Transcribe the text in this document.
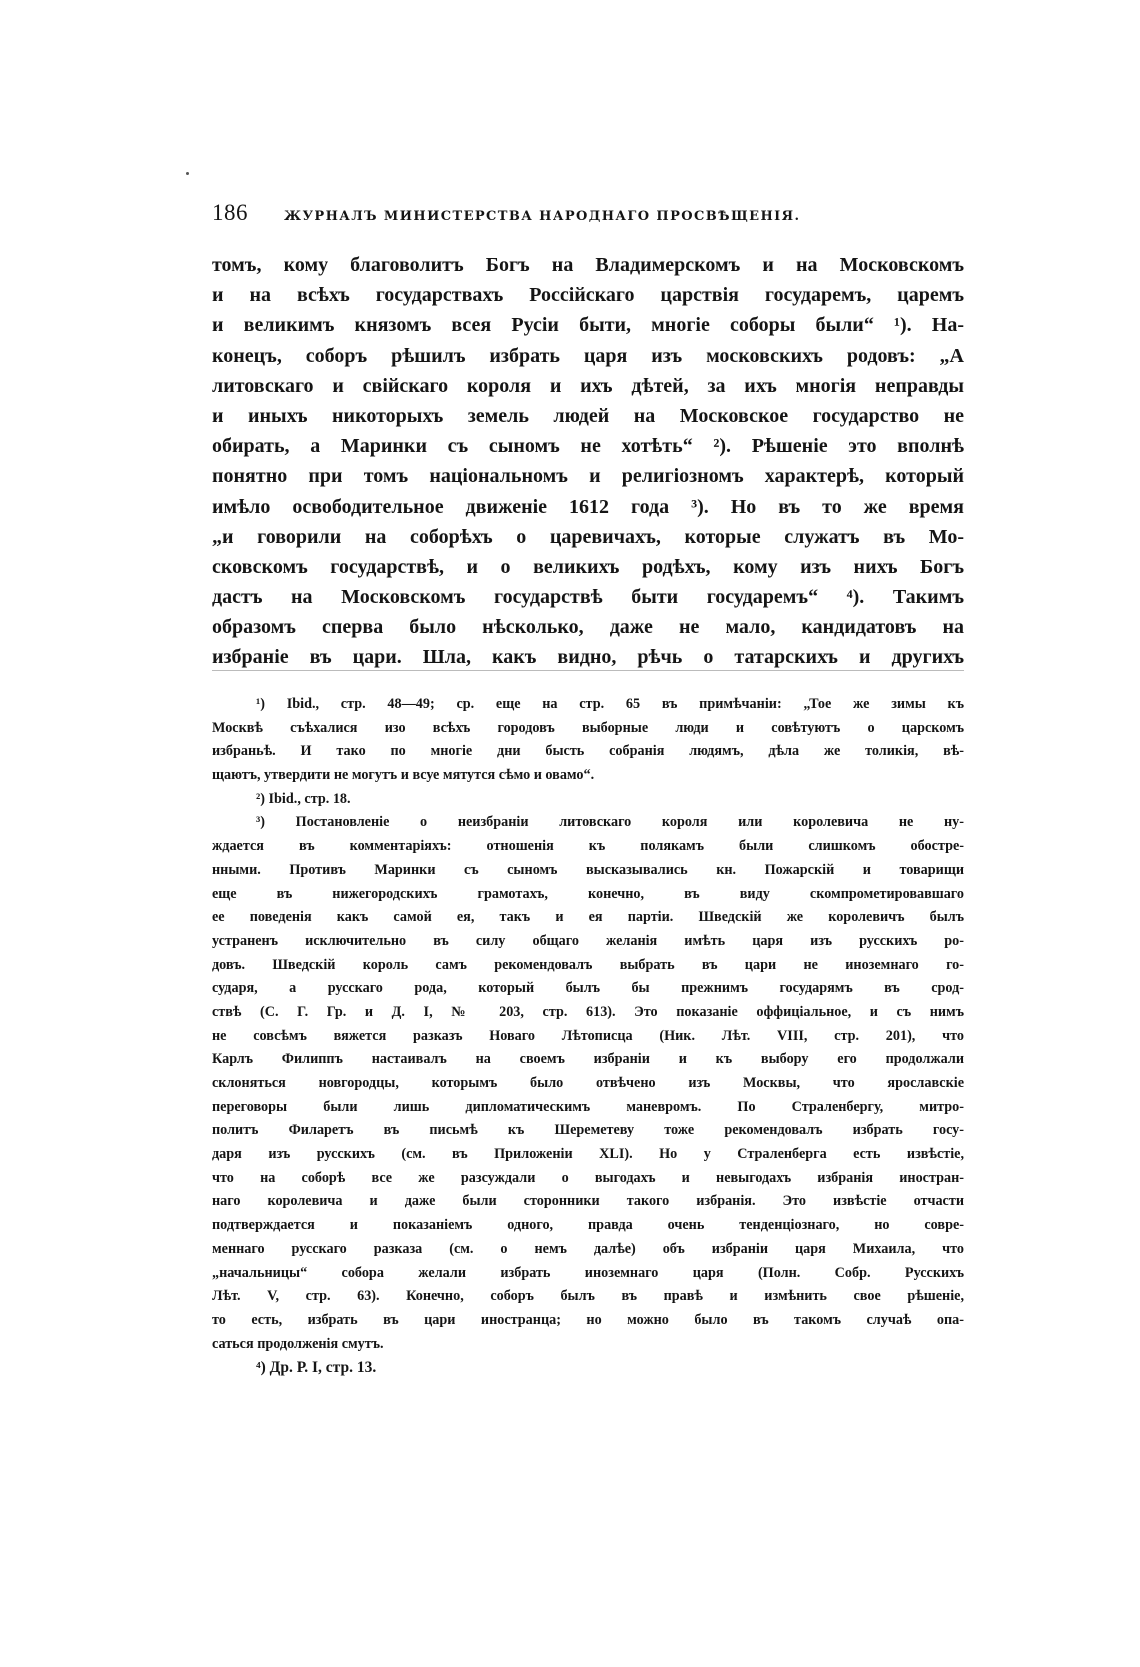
186	ЖУРНАЛЪ МИНИСТЕРСТВА НАРОДНАГО ПРОСВѢЩЕНІЯ.
томъ, кому благоволитъ Богъ на Владимерскомъ и на Московскомъ
и на всѣхъ государствахъ Россійскаго царствія государемъ, царемъ
и великимъ князомъ всея Русіи быти, многіе соборы были“ ¹). На-
конецъ, соборъ рѣшилъ избрать царя изъ московскихъ родовъ: „А
литовскаго и свійскаго короля и ихъ дѣтей, за ихъ многія неправды
и иныхъ никоторыхъ земель людей на Московское государство не
обирать, а Маринки съ сыномъ не хотѣть“ ²). Рѣшеніе это вполнѣ
понятно при томъ національномъ и религіозномъ характерѣ, который
имѣло освободительное движеніе 1612 года ³). Но въ то же время
„и говорили на соборѣхъ о царевичахъ, которые служатъ въ Мо-
сковскомъ государствѣ, и о великихъ родѣхъ, кому изъ нихъ Богъ
дастъ на Московскомъ государствѣ быти государемъ“ ⁴). Такимъ
образомъ сперва было нѣсколько, даже не мало, кандидатовъ на
избраніе въ цари. Шла, какъ видно, рѣчь о татарскихъ и другихъ
¹) Ibid., стр. 48—49; ср. еще на стр. 65 въ примѣчаніи: „Тое же зимы къ
Москвѣ съѣхалися изо всѣхъ городовъ выборные люди и совѣтуютъ о царскомъ
избраньѣ. И тако по многіе дни бысть собранія людямъ, дѣла же толикія, вѣ-
щаютъ, утвердити не могутъ и всуе мятутся сѣмо и овамо“.
²) Ibid., стр. 18.
³) Постановленіе о неизбраніи литовскаго короля или королевича не ну-
ждается въ комментаріяхъ: отношенія къ полякамъ были слишкомъ обостре-
нными. Противъ Маринки съ сыномъ высказывались кн. Пожарскій и товарищи
еще въ нижегородскихъ грамотахъ, конечно, въ виду скомпрометировавшаго
ее поведенія какъ самой ея, такъ и ея партіи. Шведскій же королевичъ былъ
устраненъ исключительно въ силу общаго желанія имѣть царя изъ русскихъ ро-
довъ. Шведскій король самъ рекомендовалъ выбрать въ цари не иноземнаго го-
сударя, а русскаго рода, который былъ бы прежнимъ государямъ въ срод-
ствѣ (С. Г. Гр. и Д. I, № 203, стр. 613). Это показаніе оффиціальное, и съ нимъ
не совсѣмъ вяжется разказъ Новаго Лѣтописца (Ник. Лѣт. VIII, стр. 201), что
Карлъ Филиппъ настаивалъ на своемъ избраніи и къ выбору его продолжали
склоняться новгородцы, которымъ было отвѣчено изъ Москвы, что ярославскіе
переговоры были лишь дипломатическимъ маневромъ. По Страленбергу, митро-
политъ Филаретъ въ письмѣ къ Шереметеву тоже рекомендовалъ избрать госу-
даря изъ русскихъ (см. въ Приложеніи XLI). Но у Страленберга есть извѣстіе,
что на соборѣ все же разсуждали о выгодахъ и невыгодахъ избранія иностран-
наго королевича и даже были сторонники такого избранія. Это извѣстіе отчасти
подтверждается и показаніемъ одного, правда очень тенденціознаго, но совре-
меннаго русскаго разказа (см. о немъ далѣе) объ избраніи царя Михаила, что
„начальницы“ собора желали избрать иноземнаго царя (Полн. Собр. Русскихъ
Лѣт. V, стр. 63). Конечно, соборъ былъ въ правѣ и измѣнить свое рѣшеніе,
то есть, избрать въ цари иностранца; но можно было въ такомъ случаѣ опа-
саться продолженія смутъ.
⁴) Др. Р. I, стр. 13.
